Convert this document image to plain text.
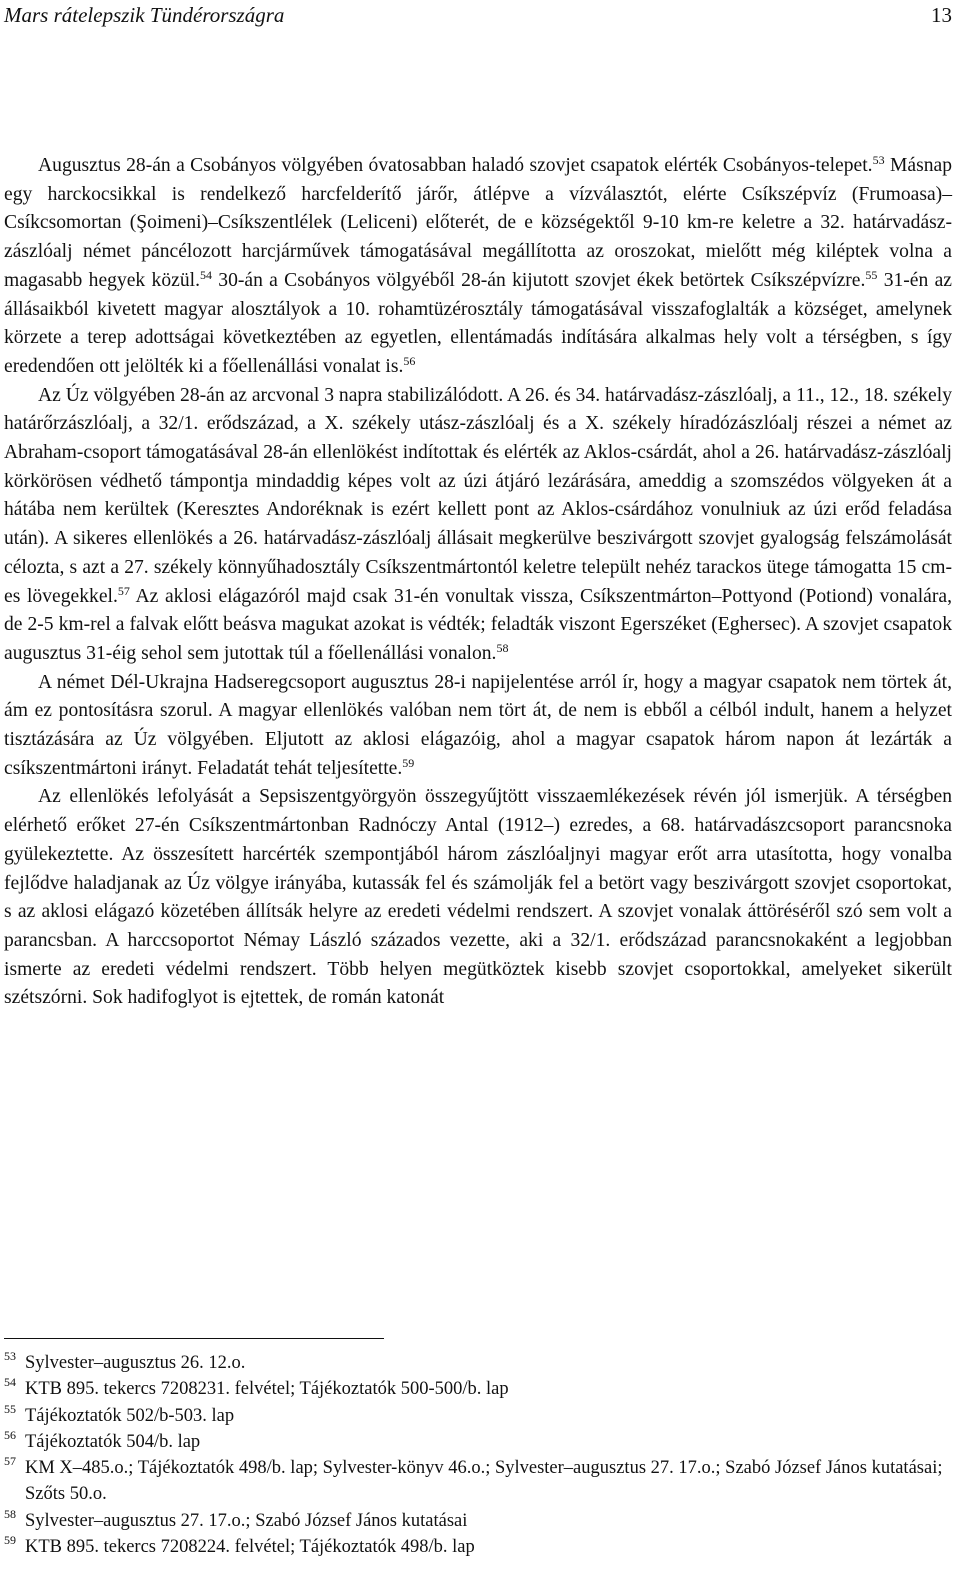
Mars rátelepszik Tündérországra	13

Augusztus 28-án a Csobányos völgyében óvatosabban haladó szovjet csapatok elérték Csobányos-telepet.$^{53}$ Másnap egy harckocsikkal is rendelkező harcfelderítő járőr, átlépve a vízválasztót, elérte Csíkszépvíz (Frumoasa)–Csíkcsomortan (Şoimeni)–Csíkszentlélek (Leliceni) előterét, de e községektől 9-10 km-re keletre a 32. határvadász-zászlóalj német páncélozott harcjárművek támogatásával megállította az oroszokat, mielőtt még kiléptek volna a magasabb hegyek közül.$^{54}$ 30-án a Csobányos völgyéből 28-án kijutott szovjet ékek betörtek Csíkszépvízre.$^{55}$ 31-én az állásaikból kivetett magyar alosztályok a 10. rohamtüzérosztály támogatásával visszafoglalták a községet, amelynek körzete a terep adottságai következtében az egyetlen, ellentámadás indítására alkalmas hely volt a térségben, s így eredendően ott jelölték ki a főellenállási vonalat is.$^{56}$

Az Úz völgyében 28-án az arcvonal 3 napra stabilizálódott. A 26. és 34. határvadász-zászlóalj, a 11., 12., 18. székely határőrzászlóalj, a 32/1. erődszázad, a X. székely utász-zászlóalj és a X. székely híradózászlóalj részei a német az Abraham-csoport támogatásával 28-án ellenlökést indítottak és elérték az Aklos-csárdát, ahol a 26. határvadász-zászlóalj körkörösen védhető támpontja mindaddig képes volt az úzi átjáró lezárására, ameddig a szomszédos völgyeken át a hátába nem kerültek (Keresztes Andoréknak is ezért kellett pont az Aklos-csárdához vonulniuk az úzi erőd feladása után). A sikeres ellenlökés a 26. határvadász-zászlóalj állásait megkerülve beszivárgott szovjet gyalogság felszámolását célozta, s azt a 27. székely könnyűhadosztály Csíkszentmártontól keletre települt nehéz tarackos ütege támogatta 15 cm-es lövegekkel.$^{57}$ Az aklosi elágazóról majd csak 31-én vonultak vissza, Csíkszentmárton–Pottyond (Potiond) vonalára, de 2-5 km-rel a falvak előtt beásva magukat azokat is védték; feladták viszont Egerszéket (Eghersec). A szovjet csapatok augusztus 31-éig sehol sem jutottak túl a főellenállási vonalon.$^{58}$

A német Dél-Ukrajna Hadseregcsoport augusztus 28-i napijelentése arról ír, hogy a magyar csapatok nem törtek át, ám ez pontosításra szorul. A magyar ellenlökés valóban nem tört át, de nem is ebből a célból indult, hanem a helyzet tisztázására az Úz völgyében. Eljutott az aklosi elágazóig, ahol a magyar csapatok három napon át lezárták a csíkszentmártoni irányt. Feladatát tehát teljesítette.$^{59}$

Az ellenlökés lefolyását a Sepsiszentgyörgyön összegyűjtött visszaemlékezések révén jól ismerjük. A térségben elérhető erőket 27-én Csíkszentmártonban Radnóczy Antal (1912–) ezredes, a 68. határvadászcsoport parancsnoka gyülekeztette. Az összesített harcérték szempontjából három zászlóaljnyi magyar erőt arra utasította, hogy vonalba fejlődve haladjanak az Úz völgye irányába, kutassák fel és számolják fel a betört vagy beszivárgott szovjet csoportokat, s az aklosi elágazó közetében állítsák helyre az eredeti védelmi rendszert. A szovjet vonalak áttöréséről szó sem volt a parancsban. A harccsoportot Némay László százados vezette, aki a 32/1. erődszázad parancsnokaként a legjobban ismerte az eredeti védelmi rendszert. Több helyen megütköztek kisebb szovjet csoportokkal, amelyeket sikerült szétszórni. Sok hadifoglyot is ejtettek, de román katonát

53 Sylvester–augusztus 26. 12.o.
54 KTB 895. tekercs 7208231. felvétel; Tájékoztatók 500-500/b. lap
55 Tájékoztatók 502/b-503. lap
56 Tájékoztatók 504/b. lap
57 KM X–485.o.; Tájékoztatók 498/b. lap; Sylvester-könyv 46.o.; Sylvester–augusztus 27. 17.o.; Szabó József János kutatásai; Szőts 50.o.
58 Sylvester–augusztus 27. 17.o.; Szabó József János kutatásai
59 KTB 895. tekercs 7208224. felvétel; Tájékoztatók 498/b. lap
